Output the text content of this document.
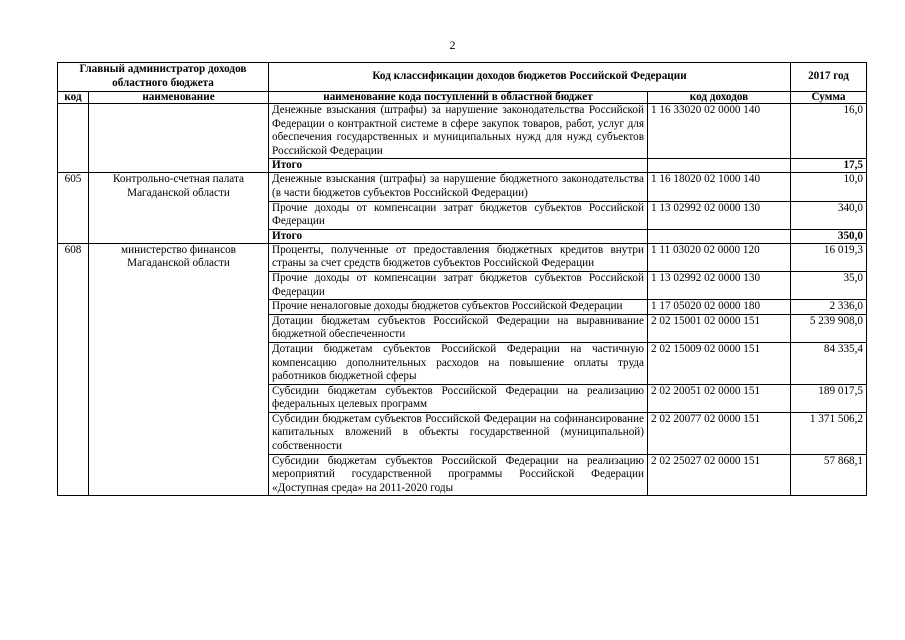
2
Главный администратор доходов областного бюджета		Код классификации доходов бюджетов Российской Федерации		2017 год
код	наименование	наименование кода поступлений в областной бюджет	код доходов	Сумма
		Денежные взыскания (штрафы) за нарушение законодательства Российской Федерации о контрактной системе в сфере закупок товаров, работ, услуг для обеспечения государственных и муниципальных нужд для нужд субъектов Российской Федерации	1 16 33020 02 0000 140	16,0
		Итого		17,5
605	Контрольно-счетная палата Магаданской области	Денежные взыскания (штрафы) за нарушение бюджетного законодательства (в части бюджетов субъектов Российской Федерации)	1 16 18020 02 1000 140	10,0
		Прочие доходы от компенсации затрат бюджетов субъектов Российской Федерации	1 13 02992 02 0000 130	340,0
		Итого		350,0
608	министерство финансов Магаданской области	Проценты, полученные от предоставления бюджетных кредитов внутри страны за счет средств бюджетов субъектов Российской Федерации	1 11 03020 02 0000 120	16 019,3
		Прочие доходы от компенсации затрат бюджетов субъектов Российской Федерации	1 13 02992 02 0000 130	35,0
		Прочие неналоговые доходы бюджетов субъектов Российской Федерации	1 17 05020 02 0000 180	2 336,0
		Дотации бюджетам субъектов Российской Федерации на выравнивание бюджетной обеспеченности	2 02 15001 02 0000 151	5 239 908,0
		Дотации бюджетам субъектов Российской Федерации на частичную компенсацию дополнительных расходов на повышение оплаты труда работников бюджетной сферы	2 02 15009 02 0000 151	84 335,4
		Субсидии бюджетам субъектов Российской Федерации на реализацию федеральных целевых программ	2 02 20051 02 0000 151	189 017,5
		Субсидии бюджетам субъектов Российской Федерации на софинансирование капитальных вложений в объекты государственной (муниципальной) собственности	2 02 20077 02 0000 151	1 371 506,2
		Субсидии бюджетам субъектов Российской Федерации на реализацию мероприятий государственной программы Российской Федерации «Доступная среда» на 2011-2020 годы	2 02 25027 02 0000 151	57 868,1
